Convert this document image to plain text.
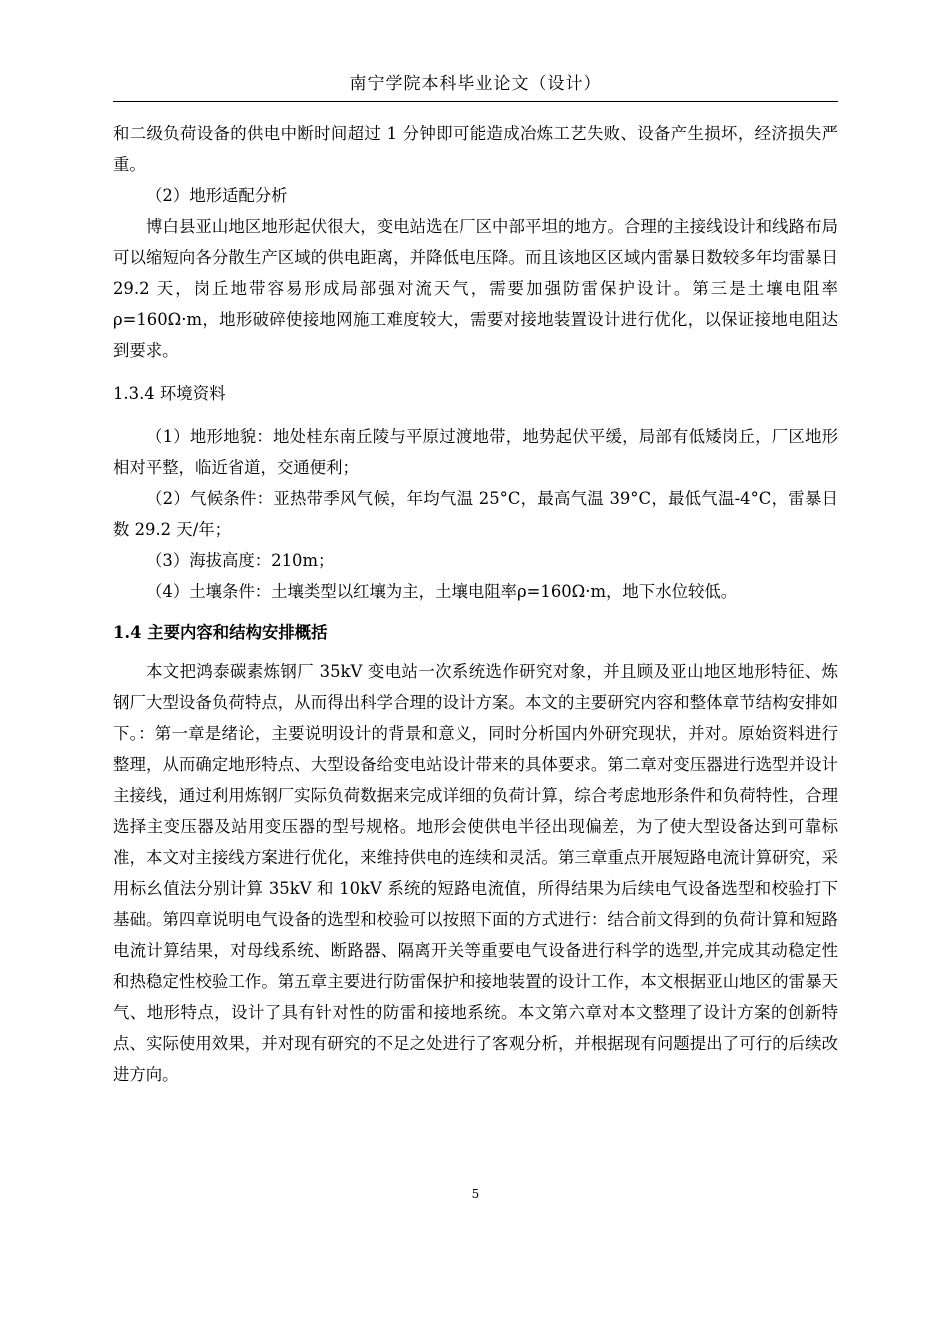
南宁学院本科毕业论文（设计）

和二级负荷设备的供电中断时间超过 1 分钟即可能造成冶炼工艺失败、设备产生损坏，经济损失严重。

（2）地形适配分析

博白县亚山地区地形起伏很大，变电站选在厂区中部平坦的地方。合理的主接线设计和线路布局可以缩短向各分散生产区域的供电距离，并降低电压降。而且该地区区域内雷暴日数较多年均雷暴日 29.2 天，岗丘地带容易形成局部强对流天气，需要加强防雷保护设计。第三是土壤电阻率ρ=160Ω·m，地形破碎使接地网施工难度较大，需要对接地装置设计进行优化，以保证接地电阻达到要求。

1.3.4 环境资料

（1）地形地貌：地处桂东南丘陵与平原过渡地带，地势起伏平缓，局部有低矮岗丘，厂区地形相对平整，临近省道，交通便利；

（2）气候条件：亚热带季风气候，年均气温 25°C，最高气温 39°C，最低气温-4°C，雷暴日数 29.2 天/年；

（3）海拔高度：210m；

（4）土壤条件：土壤类型以红壤为主，土壤电阻率ρ=160Ω·m，地下水位较低。

1.4 主要内容和结构安排概括

本文把鸿泰碳素炼钢厂 35kV 变电站一次系统选作研究对象，并且顾及亚山地区地形特征、炼钢厂大型设备负荷特点，从而得出科学合理的设计方案。本文的主要研究内容和整体章节结构安排如下。：第一章是绪论，主要说明设计的背景和意义，同时分析国内外研究现状，并对。原始资料进行整理，从而确定地形特点、大型设备给变电站设计带来的具体要求。第二章对变压器进行选型并设计主接线，通过利用炼钢厂实际负荷数据来完成详细的负荷计算，综合考虑地形条件和负荷特性，合理选择主变压器及站用变压器的型号规格。地形会使供电半径出现偏差，为了使大型设备达到可靠标准，本文对主接线方案进行优化，来维持供电的连续和灵活。第三章重点开展短路电流计算研究，采用标幺值法分别计算 35kV 和 10kV 系统的短路电流值，所得结果为后续电气设备选型和校验打下基础。第四章说明电气设备的选型和校验可以按照下面的方式进行：结合前文得到的负荷计算和短路电流计算结果，对母线系统、断路器、隔离开关等重要电气设备进行科学的选型,并完成其动稳定性和热稳定性校验工作。第五章主要进行防雷保护和接地装置的设计工作，本文根据亚山地区的雷暴天气、地形特点，设计了具有针对性的防雷和接地系统。本文第六章对本文整理了设计方案的创新特点、实际使用效果，并对现有研究的不足之处进行了客观分析，并根据现有问题提出了可行的后续改进方向。

5
